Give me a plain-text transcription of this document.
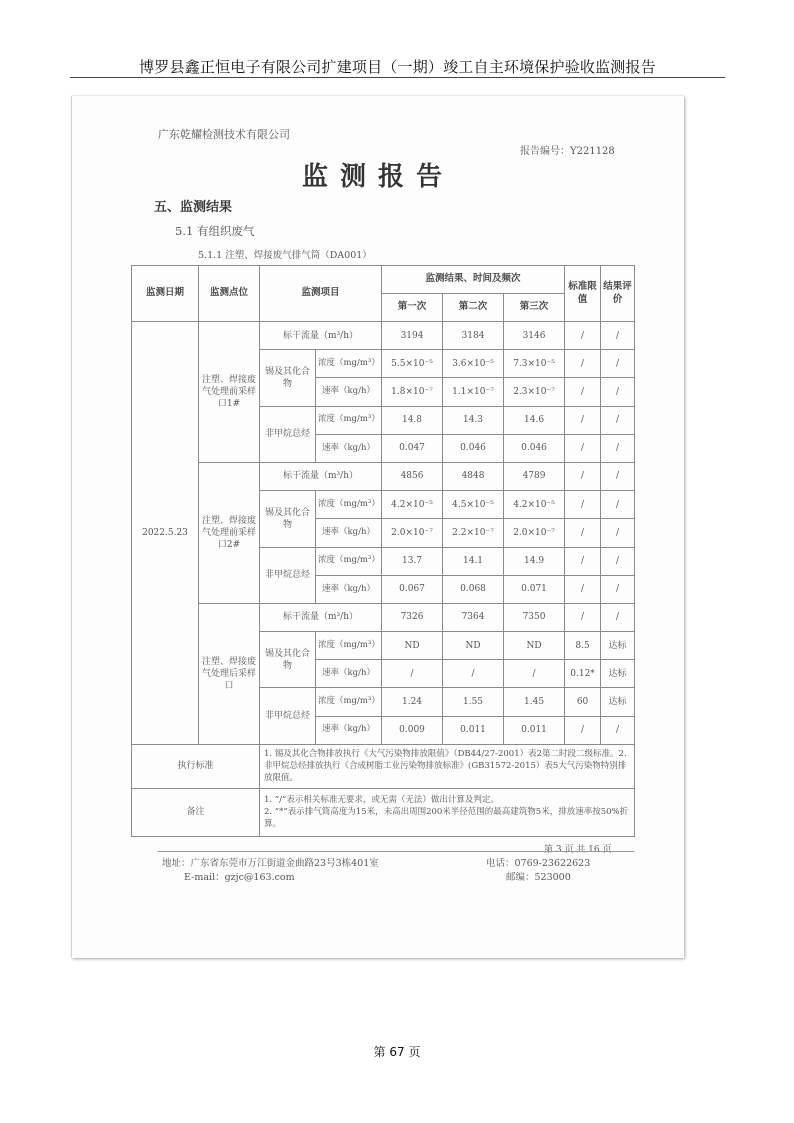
博罗县鑫正恒电子有限公司扩建项目（一期）竣工自主环境保护验收监测报告
广东乾耀检测技术有限公司
报告编号：Y221128
监测报告
五、监测结果
5.1 有组织废气
5.1.1 注塑、焊接废气排气筒（DA001）
监测日期	监测点位	监测项目		监测结果、时间及频次			标准限值	结果评价
				第一次	第二次	第三次		
2022.5.23	注塑、焊接废气处理前采样口1#	标干流量（m³/h）		3194	3184	3146	/	/
		锡及其化合物	浓度（mg/m³）	5.5×10⁻⁵	3.6×10⁻⁵	7.3×10⁻⁵	/	/
			速率（kg/h）	1.8×10⁻⁷	1.1×10⁻⁷	2.3×10⁻⁷	/	/
		非甲烷总烃	浓度（mg/m³）	14.8	14.3	14.6	/	/
			速率（kg/h）	0.047	0.046	0.046	/	/
	注塑、焊接废气处理前采样口2#	标干流量（m³/h）		4856	4848	4789	/	/
		锡及其化合物	浓度（mg/m³）	4.2×10⁻⁵	4.5×10⁻⁵	4.2×10⁻⁵	/	/
			速率（kg/h）	2.0×10⁻⁷	2.2×10⁻⁷	2.0×10⁻⁷	/	/
		非甲烷总烃	浓度（mg/m³）	13.7	14.1	14.9	/	/
			速率（kg/h）	0.067	0.068	0.071	/	/
	注塑、焊接废气处理后采样口	标干流量（m³/h）		7326	7364	7350	/	/
		锡及其化合物	浓度（mg/m³）	ND	ND	ND	8.5	达标
			速率（kg/h）	/	/	/	0.12*	达标
		非甲烷总烃	浓度（mg/m³）	1.24	1.55	1.45	60	达标
			速率（kg/h）	0.009	0.011	0.011	/	/
执行标准		1. 锡及其化合物排放执行《大气污染物排放限值》（DB44/27-2001）表2第二时段二级标准。2. 非甲烷总烃排放执行《合成树脂工业污染物排放标准》(GB31572-2015）表5大气污染物特别排放限值。						
备注		1. “/”表示相关标准无要求，或无需（无法）做出计算及判定。
2. “*”表示排气筒高度为15米，未高出周围200米半径范围的最高建筑物5米，排放速率按50%折算。						
第 3 页 共 16 页
地址：广东省东莞市万江街道金曲路23号3栋401室
E-mail：gzjc@163.com
电话：0769-23622623
邮编：523000
第 67 页
